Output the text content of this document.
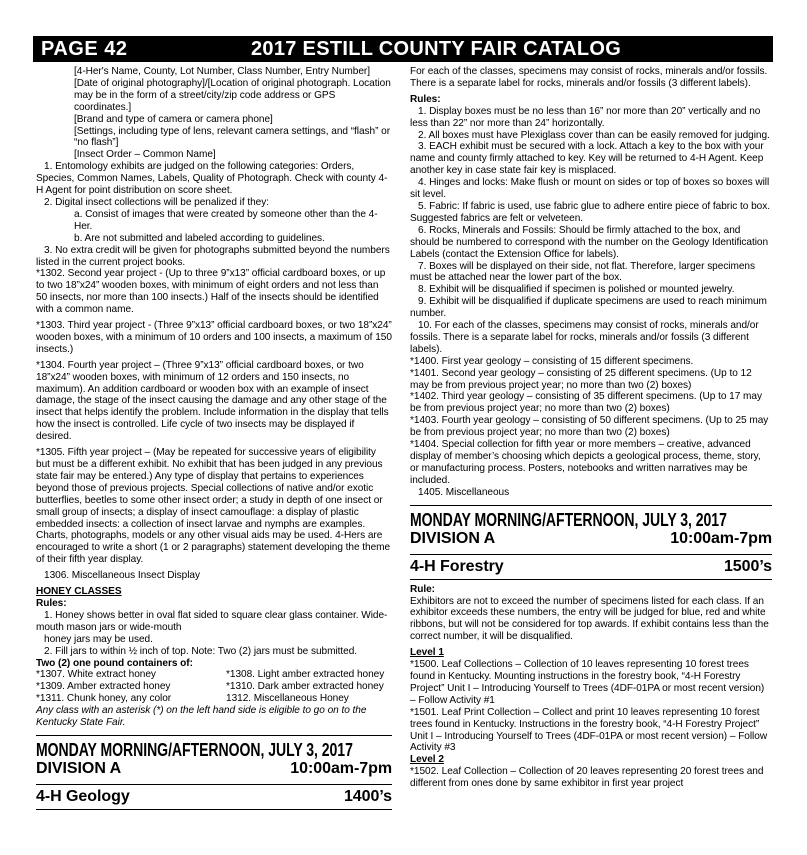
PAGE 42	2017 ESTILL COUNTY FAIR CATALOG

[4-Her's Name, County, Lot Number, Class Number, Entry Number]

[Date of original photography]/[Location of original photograph. Location may be in the form of a street/city/zip code address or GPS coordinates.]

[Brand and type of camera or camera phone]

[Settings, including type of lens, relevant camera settings, and “flash” or “no flash”]

[Insect Order – Common Name]

1. Entomology exhibits are judged on the following categories: Orders, Species, Common Names, Labels, Quality of Photograph. Check with county 4-H Agent for point distribution on score sheet.

2. Digital insect collections will be penalized if they:

a. Consist of images that were created by someone other than the 4-Her.

b. Are not submitted and labeled according to guidelines.

3. No extra credit will be given for photographs submitted beyond the numbers listed in the current project books.

*1302. Second year project - (Up to three 9”x13” official cardboard boxes, or up to two 18”x24” wooden boxes, with minimum of eight orders and not less than 50 insects, nor more than 100 insects.) Half of the insects should be identified with a common name.

*1303. Third year project - (Three 9”x13” official cardboard boxes, or two 18”x24” wooden boxes, with a minimum of 10 orders and 100 insects, a maximum of 150 insects.)

*1304. Fourth year project – (Three 9”x13” official cardboard boxes, or two 18”x24” wooden boxes, with minimum of 12 orders and 150 insects, no maximum). An addition cardboard or wooden box with an example of insect damage, the stage of the insect causing the damage and any other stage of the insect that helps identify the problem. Include information in the display that tells how the insect is controlled. Life cycle of two insects may be displayed if desired.

*1305. Fifth year project – (May be repeated for successive years of eligibility but must be a different exhibit. No exhibit that has been judged in any previous state fair may be entered.) Any type of display that pertains to experiences beyond those of previous projects. Special collections of native and/or exotic butterflies, beetles to some other insect order; a study in depth of one insect or small group of insects; a display of insect camouflage: a display of plastic embedded insects: a collection of insect larvae and nymphs are examples. Charts, photographs, models or any other visual aids may be used. 4-Hers are encouraged to write a short (1 or 2 paragraphs) statement developing the theme of their fifth year display.

1306. Miscellaneous Insect Display

HONEY CLASSES

Rules:

1. Honey shows better in oval flat sided to square clear glass container. Wide-mouth mason jars or wide-mouth

honey jars may be used.

2. Fill jars to within ½ inch of top. Note: Two (2) jars must be submitted.

Two (2) one pound containers of:

*1307. White extract honey	*1308. Light amber extracted honey
*1309. Amber extracted honey	*1310. Dark amber extracted honey
*1311. Chunk honey, any color	1312. Miscellaneous Honey

Any class with an asterisk (*) on the left hand side is eligible to go on to the Kentucky State Fair.

MONDAY MORNING/AFTERNOON, JULY 3, 2017
DIVISION A	10:00am-7pm
4-H Geology	1400’s

For each of the classes, specimens may consist of rocks, minerals and/or fossils. There is a separate label for rocks, minerals and/or fossils (3 different labels).

Rules:

1. Display boxes must be no less than 16” nor more than 20” vertically and no less than 22” nor more than 24” horizontally.

2. All boxes must have Plexiglass cover than can be easily removed for judging.

3. EACH exhibit must be secured with a lock. Attach a key to the box with your name and county firmly attached to key. Key will be returned to 4-H Agent. Keep another key in case state fair key is misplaced.

4. Hinges and locks: Make flush or mount on sides or top of boxes so boxes will sit level.

5. Fabric: If fabric is used, use fabric glue to adhere entire piece of fabric to box. Suggested fabrics are felt or velveteen.

6. Rocks, Minerals and Fossils: Should be firmly attached to the box, and should be numbered to correspond with the number on the Geology Identification Labels (contact the Extension Office for labels).

7. Boxes will be displayed on their side, not flat. Therefore, larger specimens must be attached near the lower part of the box.

8. Exhibit will be disqualified if specimen is polished or mounted jewelry.

9. Exhibit will be disqualified if duplicate specimens are used to reach minimum number.

10. For each of the classes, specimens may consist of rocks, minerals and/or fossils. There is a separate label for rocks, minerals and/or fossils (3 different labels).

*1400. First year geology – consisting of 15 different specimens.

*1401. Second year geology – consisting of 25 different specimens. (Up to 12 may be from previous project year; no more than two (2) boxes)

*1402. Third year geology – consisting of 35 different specimens. (Up to 17 may be from previous project year; no more than two (2) boxes)

*1403. Fourth year geology – consisting of 50 different specimens. (Up to 25 may be from previous project year; no more than two (2) boxes)

*1404. Special collection for fifth year or more members – creative, advanced display of member’s choosing which depicts a geological process, theme, story, or manufacturing process. Posters, notebooks and written narratives may be included.

1405. Miscellaneous

MONDAY MORNING/AFTERNOON, JULY 3, 2017
DIVISION A	10:00am-7pm
4-H Forestry	1500’s

Rule:

Exhibitors are not to exceed the number of specimens listed for each class. If an exhibitor exceeds these numbers, the entry will be judged for blue, red and white ribbons, but will not be considered for top awards. If exhibit contains less than the correct number, it will be disqualified.

Level 1

*1500. Leaf Collections – Collection of 10 leaves representing 10 forest trees found in Kentucky. Mounting instructions in the forestry book, “4-H Forestry Project” Unit I – Introducing Yourself to Trees (4DF-01PA or most recent version) – Follow Activity #1

*1501. Leaf Print Collection – Collect and print 10 leaves representing 10 forest trees found in Kentucky. Instructions in the forestry book, “4-H Forestry Project” Unit I – Introducing Yourself to Trees (4DF-01PA or most recent version) – Follow Activity #3

Level 2

*1502. Leaf Collection – Collection of 20 leaves representing 20 forest trees and different from ones done by same exhibitor in first year project
